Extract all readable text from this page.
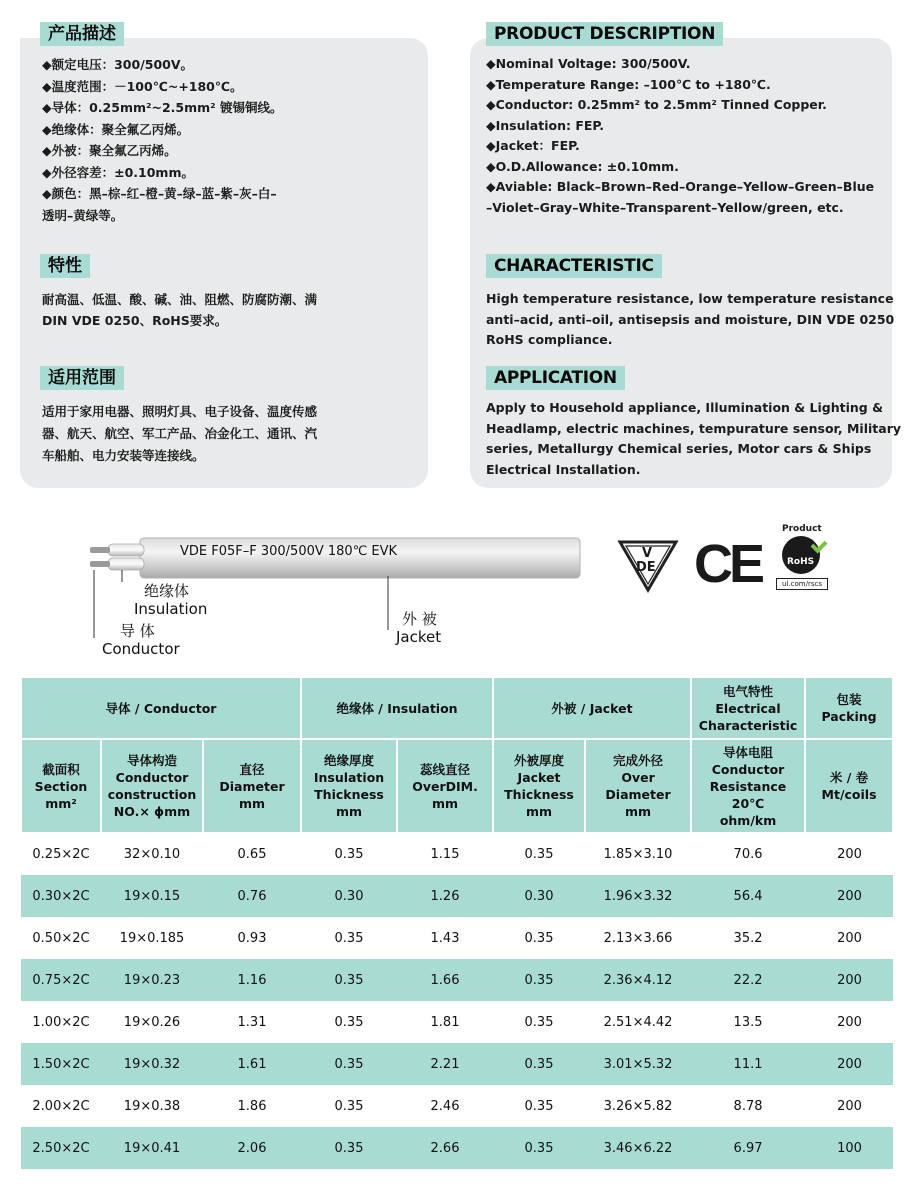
产品描述
◆额定电压：300/500V。
◆温度范围：－100℃~+180℃。
◆导体：0.25mm²~2.5mm² 镀锡铜线。
◆绝缘体：聚全氟乙丙烯。
◆外被：聚全氟乙丙烯。
◆外径容差：±0.10mm。
◆颜色：黑–棕–红–橙–黄–绿–蓝–紫–灰–白–
透明–黄绿等。
特性
耐高温、低温、酸、碱、油、阻燃、防腐防潮、满
DIN VDE 0250、RoHS要求。
适用范围
适用于家用电器、照明灯具、电子设备、温度传感
器、航天、航空、军工产品、冶金化工、通讯、汽
车船舶、电力安装等连接线。
PRODUCT DESCRIPTION
◆Nominal Voltage: 300/500V.
◆Temperature Range: –100℃ to +180℃.
◆Conductor: 0.25mm² to 2.5mm² Tinned Copper.
◆Insulation: FEP.
◆Jacket：FEP.
◆O.D.Allowance: ±0.10mm.
◆Aviable: Black–Brown–Red–Orange–Yellow–Green–Blue
–Violet–Gray–White–Transparent–Yellow/green, etc.
CHARACTERISTIC
High temperature resistance, low temperature resistance
anti–acid, anti–oil, antisepsis and moisture, DIN VDE 0250
RoHS compliance.
APPLICATION
Apply to Household appliance, Illumination & Lighting &
Headlamp, electric machines, tempurature sensor, Military
series, Metallurgy Chemical series, Motor cars & Ships
Electrical Installation.
VDE F05F–F 300/500V 180℃ EVK
绝缘体
Insulation
导 体
Conductor
外 被
Jacket
V
DE CE
Product
RoHS
ul.com/rscs
导体 / Conductor			绝缘体 / Insulation		外被 / Jacket		电气特性
Electrical
Characteristic	包装
Packing

截面积
Section
mm²	导体构造
Conductor
construction
NO.× ϕmm	直径
Diameter
mm	绝缘厚度
Insulation
Thickness
mm	蕊线直径
OverDIM.
mm	外被厚度
Jacket
Thickness
mm	完成外径
Over
Diameter
mm	导体电阻
Conductor
Resistance 20℃
ohm/km	米 / 卷
Mt/coils

0.25×2C	32×0.10	0.65	0.35	1.15	0.35	1.85×3.10	70.6	200
0.30×2C	19×0.15	0.76	0.30	1.26	0.30	1.96×3.32	56.4	200
0.50×2C	19×0.185	0.93	0.35	1.43	0.35	2.13×3.66	35.2	200
0.75×2C	19×0.23	1.16	0.35	1.66	0.35	2.36×4.12	22.2	200
1.00×2C	19×0.26	1.31	0.35	1.81	0.35	2.51×4.42	13.5	200
1.50×2C	19×0.32	1.61	0.35	2.21	0.35	3.01×5.32	11.1	200
2.00×2C	19×0.38	1.86	0.35	2.46	0.35	3.26×5.82	8.78	200
2.50×2C	19×0.41	2.06	0.35	2.66	0.35	3.46×6.22	6.97	100
